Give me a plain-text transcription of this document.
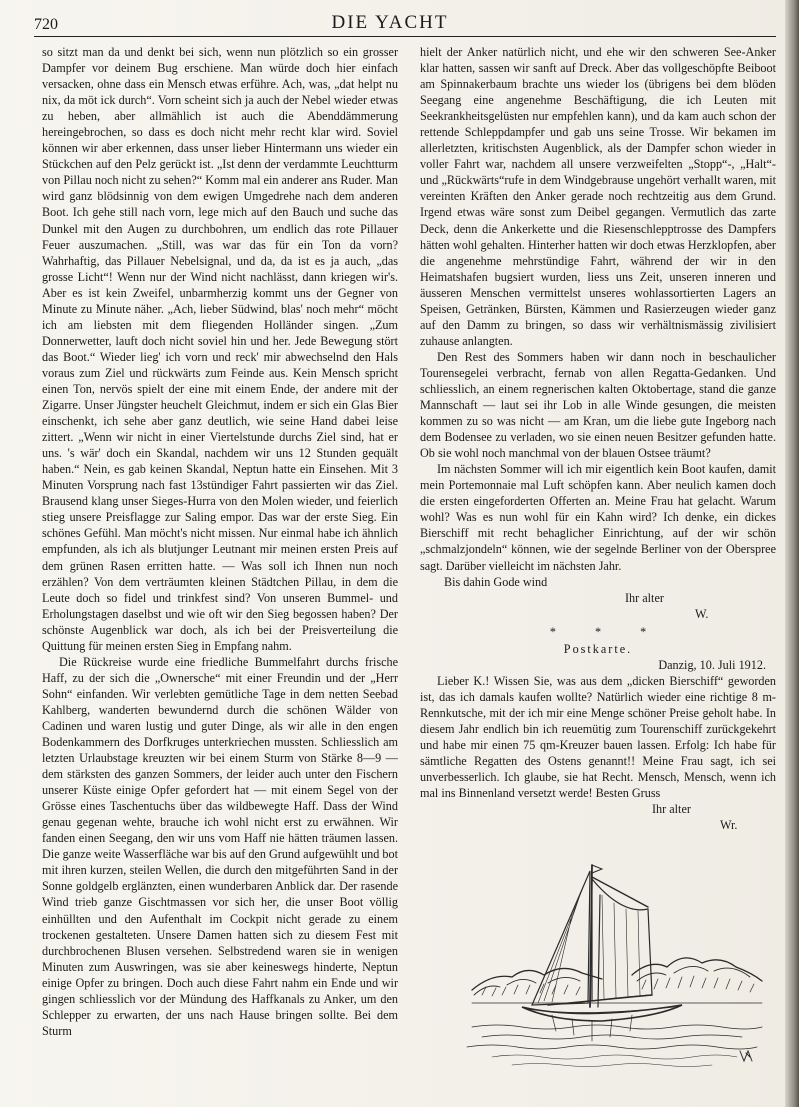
720	DIE YACHT

so sitzt man da und denkt bei sich, wenn nun plötzlich so ein grosser Dampfer vor deinem Bug erschiene. Man würde doch hier einfach versacken, ohne dass ein Mensch etwas erführe. Ach, was, „dat helpt nu nix, da möt ick durch“. Vorn scheint sich ja auch der Nebel wieder etwas zu heben, aber allmählich ist auch die Abenddämmerung hereingebrochen, so dass es doch nicht mehr recht klar wird. Soviel können wir aber erkennen, dass unser lieber Hintermann uns wieder ein Stückchen auf den Pelz gerückt ist. „Ist denn der verdammte Leuchtturm von Pillau noch nicht zu sehen?“ Komm mal ein anderer ans Ruder. Man wird ganz blödsinnig von dem ewigen Umgedrehe nach dem anderen Boot. Ich gehe still nach vorn, lege mich auf den Bauch und suche das Dunkel mit den Augen zu durchbohren, um endlich das rote Pillauer Feuer auszumachen. „Still, was war das für ein Ton da vorn? Wahrhaftig, das Pillauer Nebelsignal, und da, da ist es ja auch, „das grosse Licht“! Wenn nur der Wind nicht nachlässt, dann kriegen wir's. Aber es ist kein Zweifel, unbarmherzig kommt uns der Gegner von Minute zu Minute näher. „Ach, lieber Südwind, blas' noch mehr“ möcht ich am liebsten mit dem fliegenden Holländer singen. „Zum Donnerwetter, lauft doch nicht soviel hin und her. Jede Bewegung stört das Boot.“ Wieder lieg' ich vorn und reck' mir abwechselnd den Hals voraus zum Ziel und rückwärts zum Feinde aus. Kein Mensch spricht einen Ton, nervös spielt der eine mit einem Ende, der andere mit der Zigarre. Unser Jüngster heuchelt Gleichmut, indem er sich ein Glas Bier einschenkt, ich sehe aber ganz deutlich, wie seine Hand dabei leise zittert. „Wenn wir nicht in einer Viertelstunde durchs Ziel sind, hat er uns. 's wär' doch ein Skandal, nachdem wir uns 12 Stunden gequält haben.“ Nein, es gab keinen Skandal, Neptun hatte ein Einsehen. Mit 3 Minuten Vorsprung nach fast 13stündiger Fahrt passierten wir das Ziel. Brausend klang unser Sieges-Hurra von den Molen wieder, und feierlich stieg unsere Preisflagge zur Saling empor. Das war der erste Sieg. Ein schönes Gefühl. Man möcht's nicht missen. Nur einmal habe ich ähnlich empfunden, als ich als blutjunger Leutnant mir meinen ersten Preis auf dem grünen Rasen erritten hatte. — Was soll ich Ihnen nun noch erzählen? Von dem verträumten kleinen Städtchen Pillau, in dem die Leute doch so fidel und trinkfest sind? Von unseren Bummel- und Erholungstagen daselbst und wie oft wir den Sieg begossen haben? Der schönste Augenblick war doch, als ich bei der Preisverteilung die Quittung für meinen ersten Sieg in Empfang nahm.

Die Rückreise wurde eine friedliche Bummelfahrt durchs frische Haff, zu der sich die „Ownersche“ mit einer Freundin und der „Herr Sohn“ einfanden. Wir verlebten gemütliche Tage in dem netten Seebad Kahlberg, wanderten bewundernd durch die schönen Wälder von Cadinen und waren lustig und guter Dinge, als wir alle in den engen Bodenkammern des Dorfkruges unterkriechen mussten. Schliesslich am letzten Urlaubstage kreuzten wir bei einem Sturm von Stärke 8—9 — dem stärksten des ganzen Sommers, der leider auch unter den Fischern unserer Küste einige Opfer gefordert hat — mit einem Segel von der Grösse eines Taschentuchs über das wildbewegte Haff. Dass der Wind genau gegenan wehte, brauche ich wohl nicht erst zu erwähnen. Wir fanden einen Seegang, den wir uns vom Haff nie hätten träumen lassen. Die ganze weite Wasserfläche war bis auf den Grund aufgewühlt und bot mit ihren kurzen, steilen Wellen, die durch den mitgeführten Sand in der Sonne goldgelb erglänzten, einen wunderbaren Anblick dar. Der rasende Wind trieb ganze Gischtmassen vor sich her, die unser Boot völlig einhüllten und den Aufenthalt im Cockpit nicht gerade zu einem trockenen gestalteten. Unsere Damen hatten sich zu diesem Fest mit durchbrochenen Blusen versehen. Selbstredend waren sie in wenigen Minuten zum Auswringen, was sie aber keineswegs hinderte, Neptun einige Opfer zu bringen. Doch auch diese Fahrt nahm ein Ende und wir gingen schliesslich vor der Mündung des Haffkanals zu Anker, um den Schlepper zu erwarten, der uns nach Hause bringen sollte. Bei dem Sturm

hielt der Anker natürlich nicht, und ehe wir den schweren See-Anker klar hatten, sassen wir sanft auf Dreck. Aber das vollgeschöpfte Beiboot am Spinnakerbaum brachte uns wieder los (übrigens bei dem blöden Seegang eine angenehme Beschäftigung, die ich Leuten mit Seekrankheitsgelüsten nur empfehlen kann), und da kam auch schon der rettende Schleppdampfer und gab uns seine Trosse. Wir bekamen im allerletzten, kritischsten Augenblick, als der Dampfer schon wieder in voller Fahrt war, nachdem all unsere verzweifelten „Stopp“-, „Halt“- und „Rückwärts“rufe in dem Windgebrause ungehört verhallt waren, mit vereinten Kräften den Anker gerade noch rechtzeitig aus dem Grund. Irgend etwas wäre sonst zum Deibel gegangen. Vermutlich das zarte Deck, denn die Ankerkette und die Riesenschlepptrosse des Dampfers hätten wohl gehalten. Hinterher hatten wir doch etwas Herzklopfen, aber die angenehme mehrstündige Fahrt, während der wir in den Heimatshafen bugsiert wurden, liess uns Zeit, unseren inneren und äusseren Menschen vermittelst unseres wohlassortierten Lagers an Speisen, Getränken, Bürsten, Kämmen und Rasierzeugen wieder ganz auf den Damm zu bringen, so dass wir verhältnismässig zivilisiert zuhause anlangten.

Den Rest des Sommers haben wir dann noch in beschaulicher Tourensegelei verbracht, fernab von allen Regatta-Gedanken. Und schliesslich, an einem regnerischen kalten Oktobertage, stand die ganze Mannschaft — laut sei ihr Lob in alle Winde gesungen, die meisten kommen zu so was nicht — am Kran, um die liebe gute Ingeborg nach dem Bodensee zu verladen, wo sie einen neuen Besitzer gefunden hatte. Ob sie wohl noch manchmal von der blauen Ostsee träumt?

Im nächsten Sommer will ich mir eigentlich kein Boot kaufen, damit mein Portemonnaie mal Luft schöpfen kann. Aber neulich kamen doch die ersten eingeforderten Offerten an. Meine Frau hat gelacht. Warum wohl? Was es nun wohl für ein Kahn wird? Ich denke, ein dickes Bierschiff mit recht behaglicher Einrichtung, auf der wir schön „schmalzjondeln“ können, wie der segelnde Berliner von der Oberspree sagt. Darüber vielleicht im nächsten Jahr.

Bis dahin Gode wind
Ihr alter
W.
* * *
Postkarte.
Danzig, 10. Juli 1912.

Lieber K.! Wissen Sie, was aus dem „dicken Bierschiff“ geworden ist, das ich damals kaufen wollte? Natürlich wieder eine richtige 8 m-Rennkutsche, mit der ich mir eine Menge schöner Preise geholt habe. In diesem Jahr endlich bin ich reuemütig zum Tourenschiff zurückgekehrt und habe mir einen 75 qm-Kreuzer bauen lassen. Erfolg: Ich habe für sämtliche Regatten des Ostens genannt!! Meine Frau sagt, ich sei unverbesserlich. Ich glaube, sie hat Recht. Mensch, Mensch, wenn ich mal ins Binnenland versetzt werde! Besten Gruss

Ihr alter
Wr.
